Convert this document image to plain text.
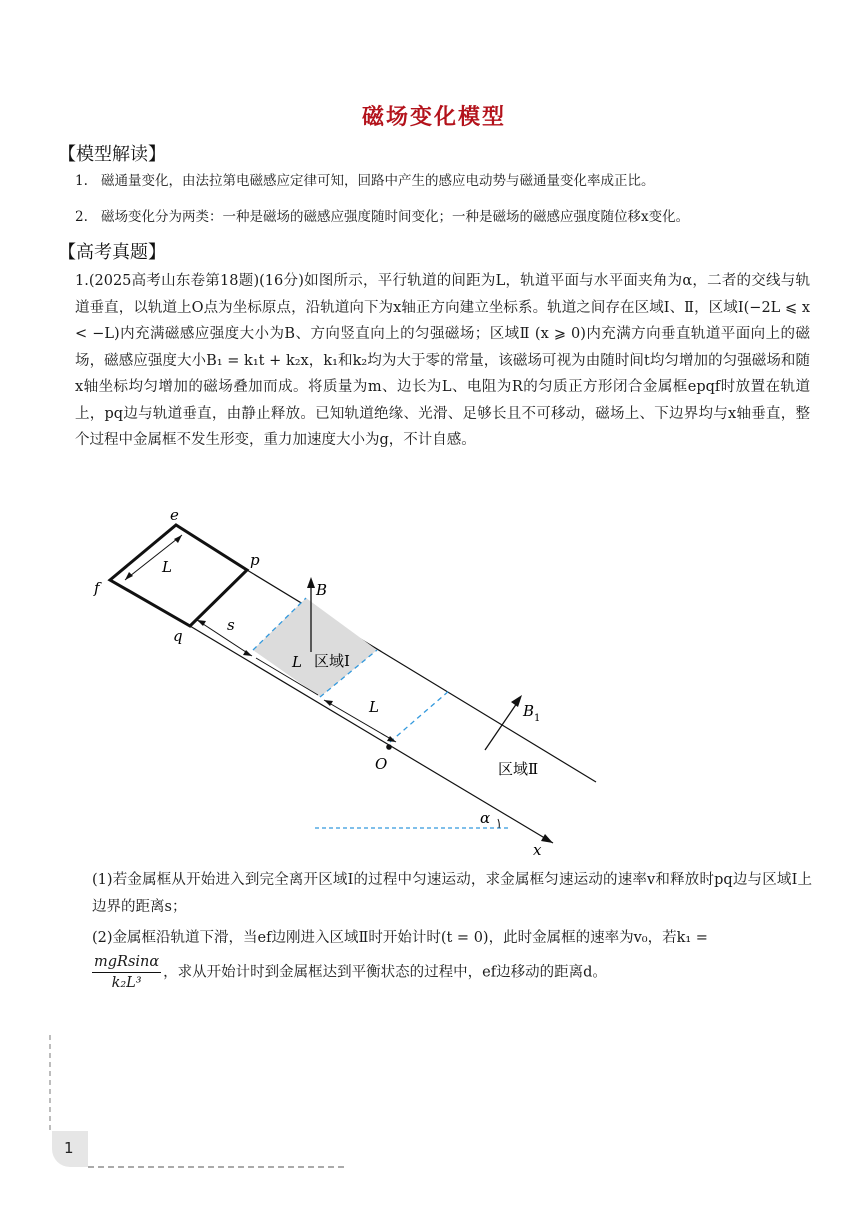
磁场变化模型
【模型解读】
1. 磁通量变化，由法拉第电磁感应定律可知，回路中产生的感应电动势与磁通量变化率成正比。
2. 磁场变化分为两类：一种是磁场的磁感应强度随时间变化；一种是磁场的磁感应强度随位移x变化。
【高考真题】
1.(2025高考山东卷第18题)(16分)如图所示，平行轨道的间距为L，轨道平面与水平面夹角为α，二者的交线与轨道垂直，以轨道上O点为坐标原点，沿轨道向下为x轴正方向建立坐标系。轨道之间存在区域Ⅰ、Ⅱ，区域Ⅰ(−2L ⩽ x < −L)内充满磁感应强度大小为B、方向竖直向上的匀强磁场；区域Ⅱ (x ⩾ 0)内充满方向垂直轨道平面向上的磁场，磁感应强度大小B₁ = k₁t + k₂x，k₁和k₂均为大于零的常量，该磁场可视为由随时间t均匀增加的匀强磁场和随x轴坐标均匀增加的磁场叠加而成。将质量为m、边长为L、电阻为R的匀质正方形闭合金属框epqf时放置在轨道上，pq边与轨道垂直，由静止释放。已知轨道绝缘、光滑、足够长且不可移动，磁场上、下边界均与x轴垂直，整个过程中金属框不发生形变，重力加速度大小为g，不计自感。
e
f
p
q
L
s
L
L
B
$B_1$
区域Ⅰ
区域Ⅱ
O
x
α
(1)若金属框从开始进入到完全离开区域Ⅰ的过程中匀速运动，求金属框匀速运动的速率v和释放时pq边与区域Ⅰ上边界的距离s；
(2)金属框沿轨道下滑，当ef边刚进入区域Ⅱ时开始计时(t = 0)，此时金属框的速率为v₀，若k₁ =

$\frac{\text{mgRsinα}}{\text{k₂L³}}$ ，求从开始计时到金属框达到平衡状态的过程中，ef边移动的距离d。
1
